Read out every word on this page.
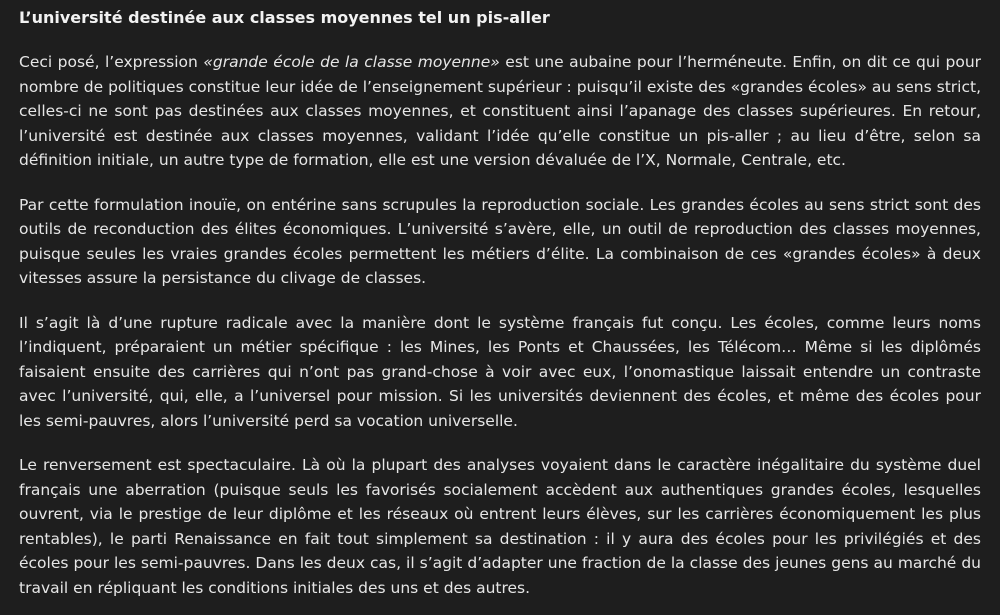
L’université destinée aux classes moyennes tel un pis-aller

Ceci posé, l’expression «grande école de la classe moyenne» est une aubaine pour l’herméneute. Enfin, on dit ce qui pour nombre de politiques constitue leur idée de l’enseignement supérieur : puisqu’il existe des «grandes écoles» au sens strict, celles-ci ne sont pas destinées aux classes moyennes, et constituent ainsi l’apanage des classes supérieures. En retour, l’université est destinée aux classes moyennes, validant l’idée qu’elle constitue un pis-aller ; au lieu d’être, selon sa définition initiale, un autre type de formation, elle est une version dévaluée de l’X, Normale, Centrale, etc.

Par cette formulation inouïe, on entérine sans scrupules la reproduction sociale. Les grandes écoles au sens strict sont des outils de reconduction des élites économiques. L’université s’avère, elle, un outil de reproduction des classes moyennes, puisque seules les vraies grandes écoles permettent les métiers d’élite. La combinaison de ces «grandes écoles» à deux vitesses assure la persistance du clivage de classes.

Il s’agit là d’une rupture radicale avec la manière dont le système français fut conçu. Les écoles, comme leurs noms l’indiquent, préparaient un métier spécifique : les Mines, les Ponts et Chaussées, les Télécom… Même si les diplômés faisaient ensuite des carrières qui n’ont pas grand-chose à voir avec eux, l’onomastique laissait entendre un contraste avec l’université, qui, elle, a l’universel pour mission. Si les universités deviennent des écoles, et même des écoles pour les semi-pauvres, alors l’université perd sa vocation universelle.

Le renversement est spectaculaire. Là où la plupart des analyses voyaient dans le caractère inégalitaire du système duel français une aberration (puisque seuls les favorisés socialement accèdent aux authentiques grandes écoles, lesquelles ouvrent, via le prestige de leur diplôme et les réseaux où entrent leurs élèves, sur les carrières économiquement les plus rentables), le parti Renaissance en fait tout simplement sa destination : il y aura des écoles pour les privilégiés et des écoles pour les semi-pauvres. Dans les deux cas, il s’agit d’adapter une fraction de la classe des jeunes gens au marché du travail en répliquant les conditions initiales des uns et des autres.
